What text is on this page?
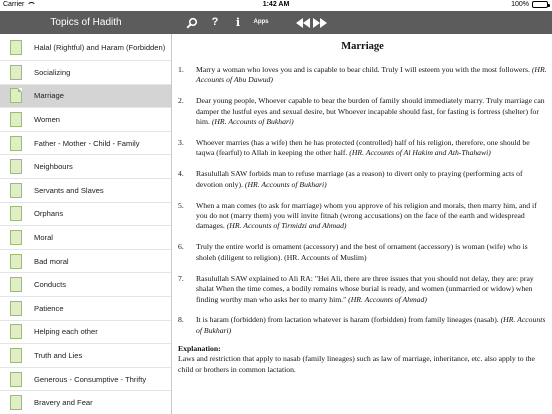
Carrier	1:42 AM	100%
Topics of Hadith	? i	Apps
Halal (Rightful) and Haram (Forbidden)
Socializing
Marriage
Women
Father - Mother - Child - Family
Neighbours
Servants and Slaves
Orphans
Moral
Bad moral
Conducts
Patience
Helping each other
Truth and Lies
Generous - Consumptive - Thrifty
Bravery and Fear
Marriage
1. Marry a woman who loves you and is capable to bear child. Truly I will esteem you with the most followers. (HR. Accounts of Abu Dawud)
2. Dear young people, Whoever capable to bear the burden of family should immediately marry. Truly marriage can damper the lustful eyes and sexual desire, but Whoever incapable should fast, for fasting is fortress (shelter) for him. (HR. Accounts of Bukhari)
3. Whoever marries (has a wife) then he has protected (controlled) half of his religion, therefore, one should be taqwa (fearful) to Allah in keeping the other half. (HR. Accounts of Al Hakim and Ath-Thahawi)
4. Rasulullah SAW forbids man to refuse marriage (as a reason) to divert only to praying (performing acts of devotion only). (HR. Accounts of Bukhari)
5. When a man comes (to ask for marriage) whom you approve of his religion and morals, then marry him, and if you do not (marry them) you will invite fitnah (wrong accusations) on the face of the earth and widespread damages. (HR. Accounts of Tirmidzi and Ahmad)
6. Truly the entire world is ornament (accessory) and the best of ornament (accessory) is woman (wife) who is sholeh (diligent to religion). (HR. Accounts of Muslim)
7. Rasulullah SAW explained to Ali RA: "Hei Ali, there are three issues that you should not delay, they are: pray shalat When the time comes, a bodily remains whose burial is ready, and women (unmarried or widow) when finding worthy man who asks her to marry him." (HR. Accounts of Ahmad)
8. It is haram (forbidden) from lactation whatever is haram (forbidden) from family lineages (nasab). (HR. Accounts of Bukhari)
Explanation:
Laws and restriction that apply to nasab (family lineages) such as law of marriage, inheritance, etc. also apply to the child or brothers in common lactation.
